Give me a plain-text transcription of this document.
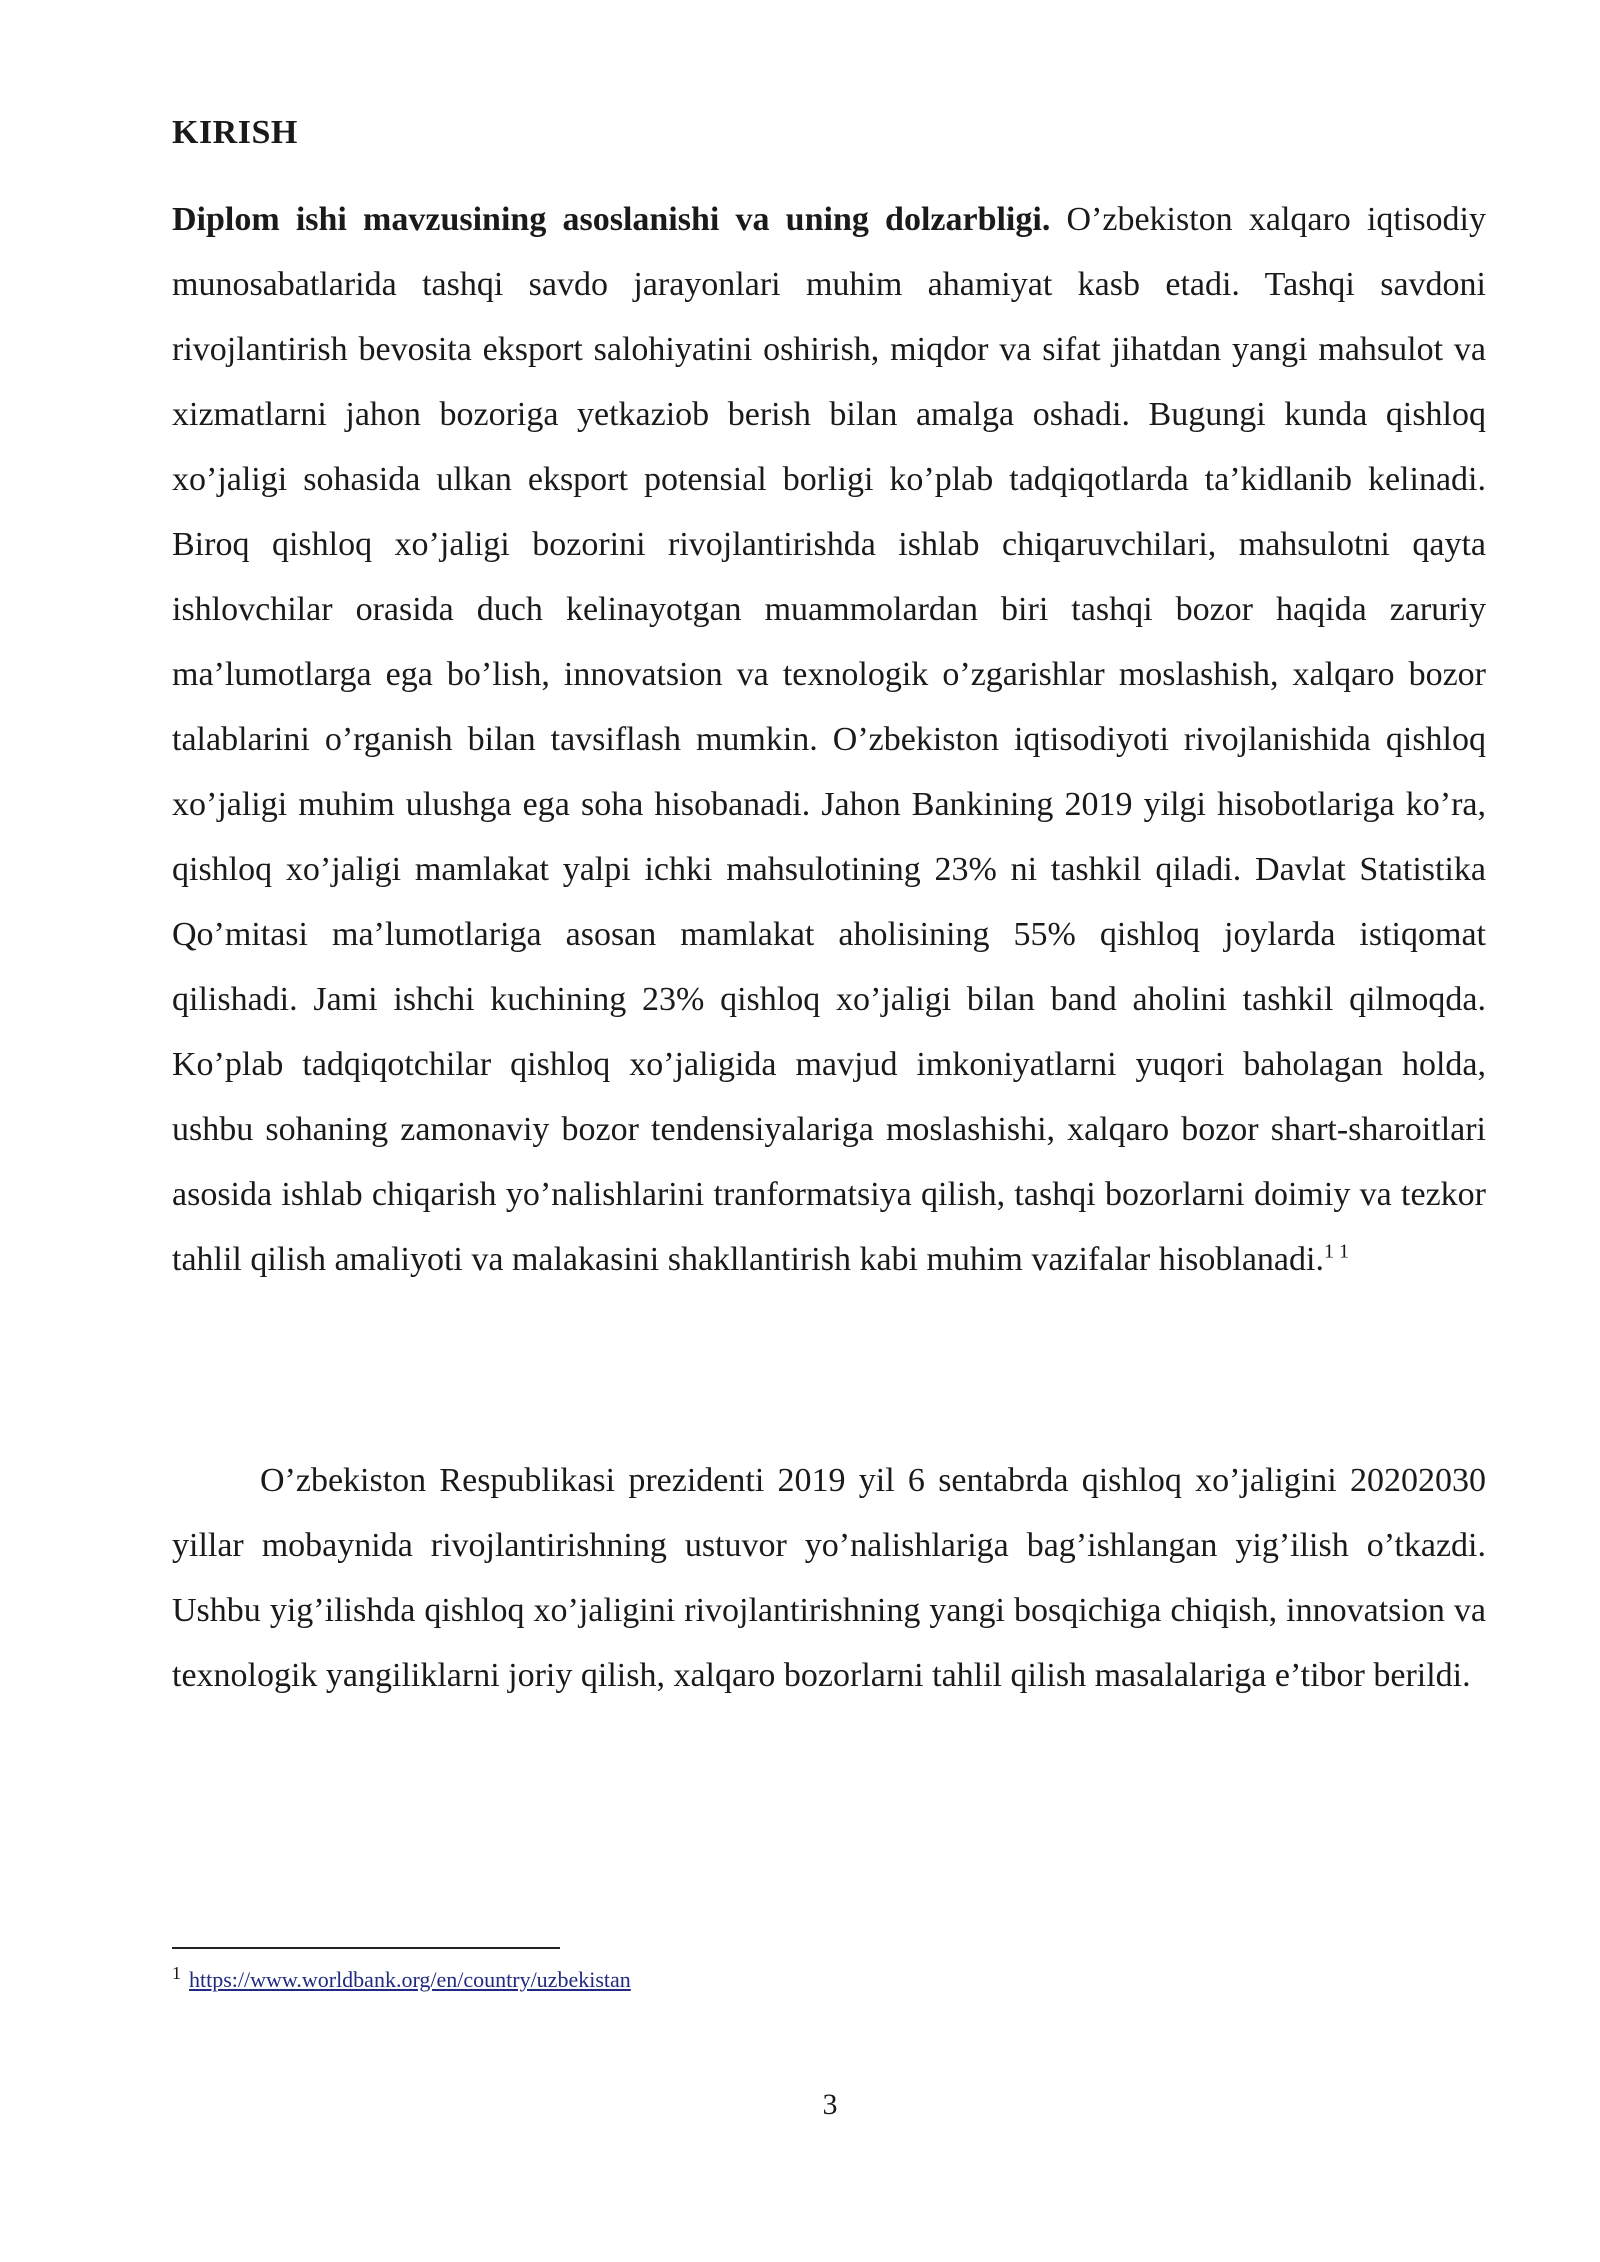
KIRISH

Diplom ishi mavzusining asoslanishi va uning dolzarbligi. O’zbekiston xalqaro iqtisodiy munosabatlarida tashqi savdo jarayonlari muhim ahamiyat kasb etadi. Tashqi savdoni rivojlantirish bevosita eksport salohiyatini oshirish, miqdor va sifat jihatdan yangi mahsulot va xizmatlarni jahon bozoriga yetkaziob berish bilan amalga oshadi. Bugungi kunda qishloq xo’jaligi sohasida ulkan eksport potensial borligi ko’plab tadqiqotlarda ta’kidlanib kelinadi. Biroq qishloq xo’jaligi bozorini rivojlantirishda ishlab chiqaruvchilari, mahsulotni qayta ishlovchilar orasida duch kelinayotgan muammolardan biri tashqi bozor haqida zaruriy ma’lumotlarga ega bo’lish, innovatsion va texnologik o’zgarishlar moslashish, xalqaro bozor talablarini o’rganish bilan tavsiflash mumkin. O’zbekiston iqtisodiyoti rivojlanishida qishloq xo’jaligi muhim ulushga ega soha hisobanadi. Jahon Bankining 2019 yilgi hisobotlariga ko’ra, qishloq xo’jaligi mamlakat yalpi ichki mahsulotining 23% ni tashkil qiladi. Davlat Statistika Qo’mitasi ma’lumotlariga asosan mamlakat aholisining 55% qishloq joylarda istiqomat qilishadi. Jami ishchi kuchining 23% qishloq xo’jaligi bilan band aholini tashkil qilmoqda. Ko’plab tadqiqotchilar qishloq xo’jaligida mavjud imkoniyatlarni yuqori baholagan holda, ushbu sohaning zamonaviy bozor tendensiyalariga moslashishi, xalqaro bozor shart-sharoitlari asosida ishlab chiqarish yo’nalishlarini tranformatsiya qilish, tashqi bozorlarni doimiy va tezkor tahlil qilish amaliyoti va malakasini shakllantirish kabi muhim vazifalar hisoblanadi.$^{1 1}$

O’zbekiston Respublikasi prezidenti 2019 yil 6 sentabrda qishloq xo’jaligini 20202030 yillar mobaynida rivojlantirishning ustuvor yo’nalishlariga bag’ishlangan yig’ilish o’tkazdi. Ushbu yig’ilishda qishloq xo’jaligini rivojlantirishning yangi bosqichiga chiqish, innovatsion va texnologik yangiliklarni joriy qilish, xalqaro bozorlarni tahlil qilish masalalariga e’tibor berildi.

$^1$ https://www.worldbank.org/en/country/uzbekistan

3
